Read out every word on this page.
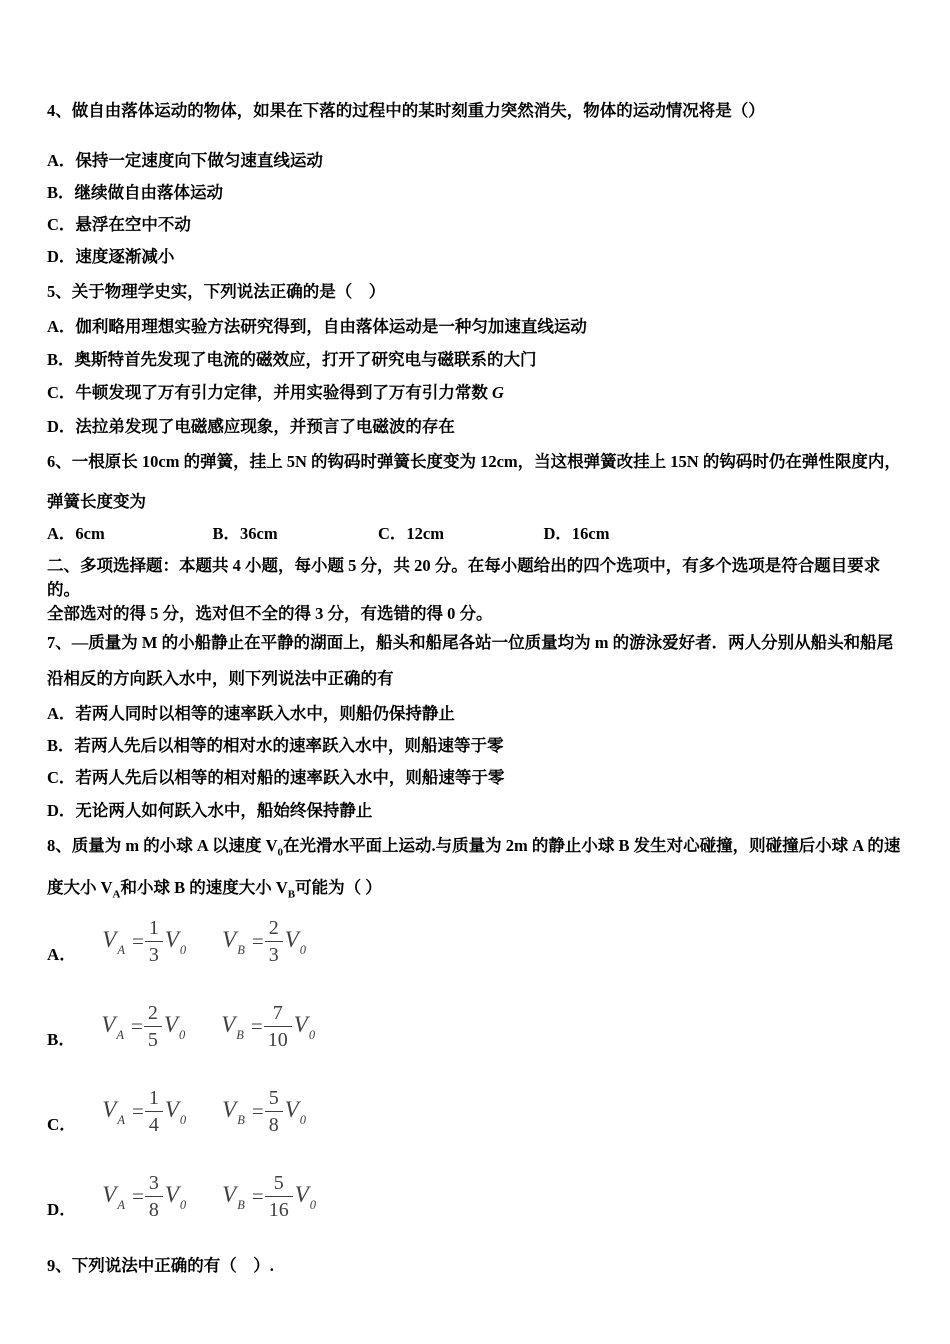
4、做自由落体运动的物体，如果在下落的过程中的某时刻重力突然消失，物体的运动情况将是（）
A．保持一定速度向下做匀速直线运动
B．继续做自由落体运动
C．悬浮在空中不动
D．速度逐渐减小
5、关于物理学史实，下列说法正确的是（　）
A．伽利略用理想实验方法研究得到，自由落体运动是一种匀加速直线运动
B．奥斯特首先发现了电流的磁效应，打开了研究电与磁联系的大门
C．牛顿发现了万有引力定律，并用实验得到了万有引力常数 G
D．法拉弟发现了电磁感应现象，并预言了电磁波的存在
6、一根原长 10cm 的弹簧，挂上 5N 的钩码时弹簧长度变为 12cm，当这根弹簧改挂上 15N 的钩码时仍在弹性限度内，
弹簧长度变为
A．6cm	B．36cm	C．12cm	D．16cm
二、多项选择题：本题共 4 小题，每小题 5 分，共 20 分。在每小题给出的四个选项中，有多个选项是符合题目要求的。
全部选对的得 5 分，选对但不全的得 3 分，有选错的得 0 分。
7、—质量为 M 的小船静止在平静的湖面上，船头和船尾各站一位质量均为 m 的游泳爱好者．两人分别从船头和船尾
沿相反的方向跃入水中，则下列说法中正确的有
A．若两人同时以相等的速率跃入水中，则船仍保持静止
B．若两人先后以相等的相对水的速率跃入水中，则船速等于零
C．若两人先后以相等的相对船的速率跃入水中，则船速等于零
D．无论两人如何跃入水中，船始终保持静止
8、质量为 m 的小球 A 以速度 $V_0$在光滑水平面上运动.与质量为 2m 的静止小球 B 发生对心碰撞，则碰撞后小球 A 的速
度大小 $V_A$和小球 B 的速度大小 $V_B$可能为（ ）
A．
$V_A = \frac{1}{3} V_0$ $V_B = \frac{2}{3} V_0$
B．
$V_A = \frac{2}{5} V_0$ $V_B = \frac{7}{10} V_0$
C．
$V_A = \frac{1}{4} V_0$ $V_B = \frac{5}{8} V_0$
D．
$V_A = \frac{3}{8} V_0$ $V_B = \frac{5}{16} V_0$
9、下列说法中正确的有（　）.
